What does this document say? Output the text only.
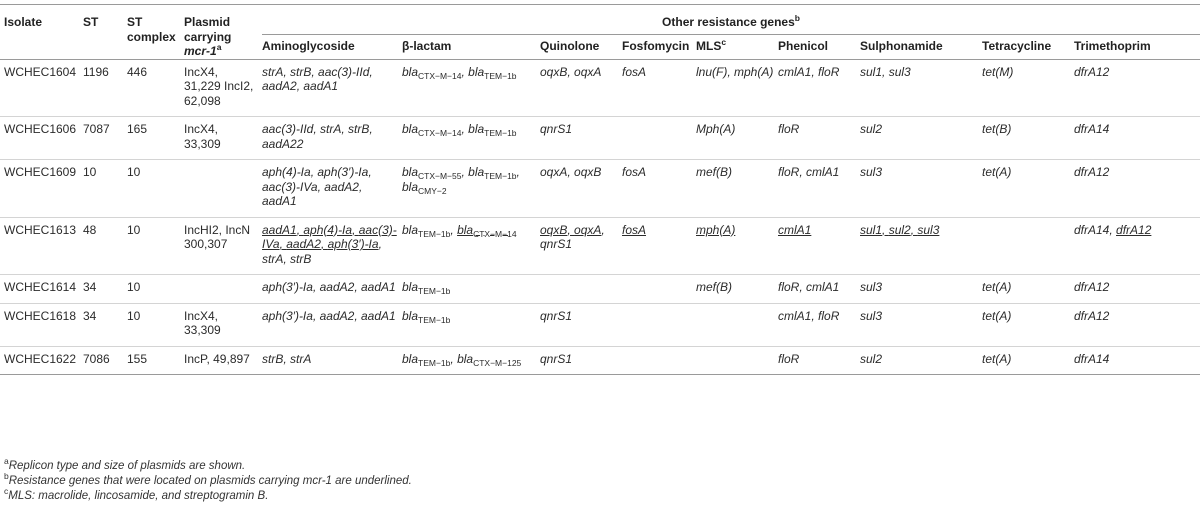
Isolate	ST	ST complex	Plasmid carrying mcr-1$^a$	Other resistance genes$^b$

				Aminoglycoside	β-lactam	Quinolone	Fosfomycin	MLS$^c$	Phenicol	Sulphonamide	Tetracycline	Trimethoprim
WCHEC1604	1196	446	IncX4, 31,229 IncI2, 62,098	strA, strB, aac(3)-IId, aadA2, aadA1	bla$_{CTX-M-14}$, bla$_{TEM-1b}$	oqxB, oqxA	fosA	lnu(F), mph(A)	cmlA1, floR	sul1, sul3	tet(M)	dfrA12
WCHEC1606	7087	165	IncX4, 33,309	aac(3)-IId, strA, strB, aadA22	bla$_{CTX-M-14}$, bla$_{TEM-1b}$	qnrS1		Mph(A)	floR	sul2	tet(B)	dfrA14
WCHEC1609	10	10		aph(4)-Ia, aph(3′)-Ia, aac(3)-IVa, aadA2, aadA1	bla$_{CTX-M-55}$, bla$_{TEM-1b}$, bla$_{CMY-2}$	oqxA, oqxB	fosA	mef(B)	floR, cmlA1	sul3	tet(A)	dfrA12
WCHEC1613	48	10	IncHI2, IncN 300,307	aadA1, aph(4)-Ia, aac(3)-IVa, aadA2, aph(3′)-Ia, strA, strB	bla$_{TEM-1b}$, bla$_{CTX-M-14}$	oqxB, oqxA, qnrS1	fosA	mph(A)	cmlA1	sul1, sul2, sul3		dfrA14, dfrA12
WCHEC1614	34	10		aph(3′)-Ia, aadA2, aadA1	bla$_{TEM-1b}$			mef(B)	floR, cmlA1	sul3	tet(A)	dfrA12
WCHEC1618	34	10	IncX4, 33,309	aph(3′)-Ia, aadA2, aadA1	bla$_{TEM-1b}$	qnrS1			cmlA1, floR	sul3	tet(A)	dfrA12
WCHEC1622	7086	155	IncP, 49,897	strB, strA	bla$_{TEM-1b}$, bla$_{CTX-M-125}$	qnrS1			floR	sul2	tet(A)	dfrA14
$^a$Replicon type and size of plasmids are shown.
$^b$Resistance genes that were located on plasmids carrying mcr-1 are underlined.
$^c$MLS: macrolide, lincosamide, and streptogramin B.
